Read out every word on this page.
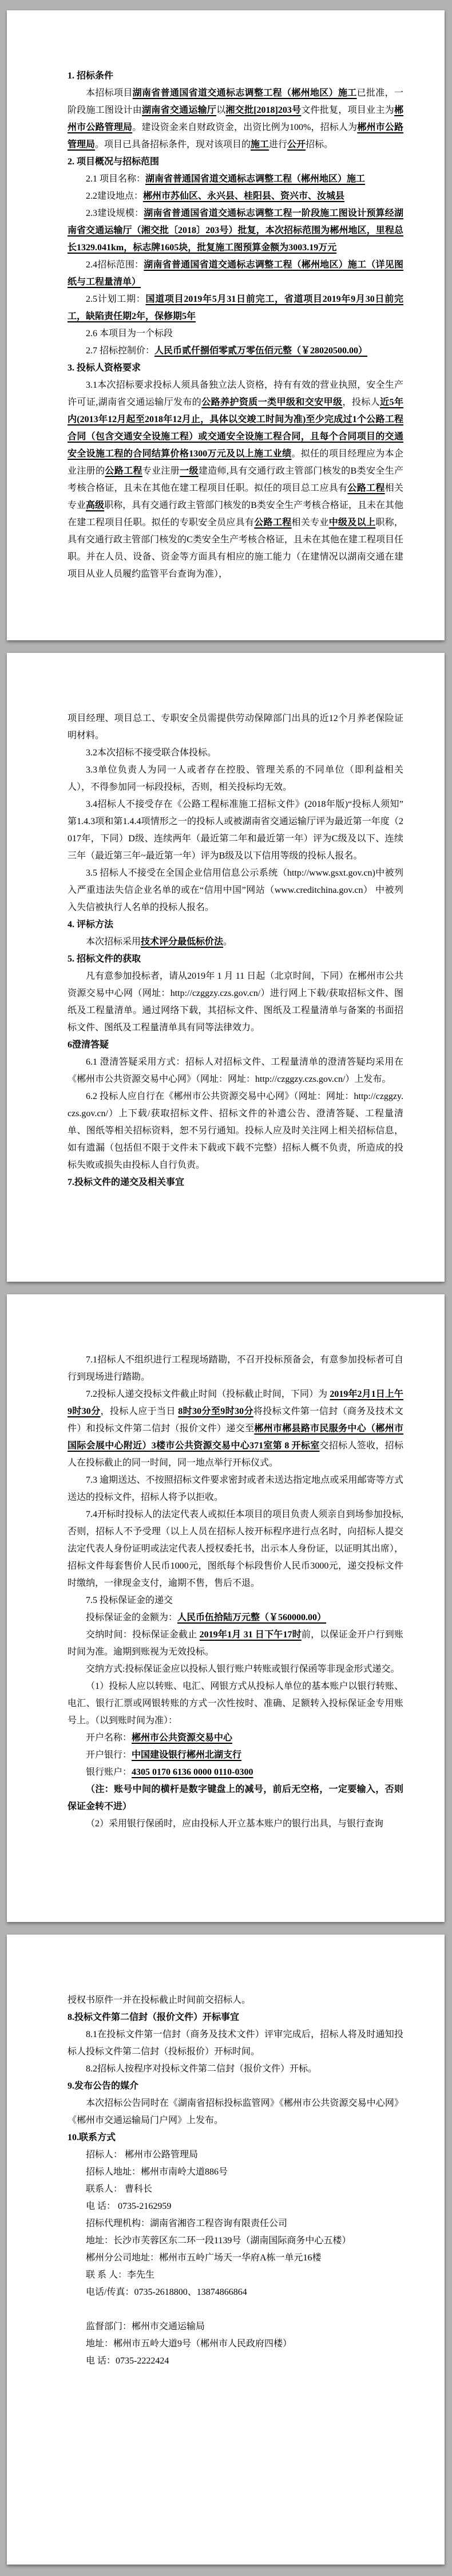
1. 招标条件

本招标项目湖南省普通国省道交通标志调整工程（郴州地区）施工已批准，一阶段施工图设计由湖南省交通运输厅以湘交批[2018]203号文件批复，项目业主为郴州市公路管理局。建设资金来自财政资金，出资比例为100%，招标人为郴州市公路管理局。项目已具备招标条件，现对该项目的施工进行公开招标。

2. 项目概况与招标范围

2.1 项目名称：湖南省普通国省道交通标志调整工程（郴州地区）施工

2.2建设地点：郴州市苏仙区、永兴县、桂阳县、资兴市、汝城县

2.3建设规模：湖南省普通国省道交通标志调整工程一阶段施工图设计预算经湖南省交通运输厅（湘交批〔2018〕203号）批复，本次招标范围为郴州地区，里程总长1329.041km，标志牌1605块，批复施工图预算金额为3003.19万元

2.4招标范围：湖南省普通国省道交通标志调整工程（郴州地区）施工（详见图纸与工程量清单）

2.5计划工期：国道项目2019年5月31日前完工，省道项目2019年9月30日前完工，缺陷责任期2年，保修期5年

2.6 本项目为一个标段

2.7 招标控制价：人民币贰仟捌佰零贰万零伍佰元整（￥28020500.00）

3. 投标人资格要求

3.1本次招标要求投标人须具备独立法人资格，持有有效的营业执照，安全生产许可证,湖南省交通运输厅发布的公路养护资质一类甲级和交安甲级，投标人近5年内(2013年12月起至2018年12月止，具体以交竣工时间为准)至少完成过1个公路工程合同（包含交通安全设施工程）或交通安全设施工程合同，且每个合同项目的交通安全设施工程的合同结算价格1300万元及以上施工业绩。拟任的项目经理应为本企业注册的公路工程专业注册一级建造师,具有交通行政主管部门核发的B类安全生产考核合格证，且未在其他在建工程项目任职。拟任的项目总工应具有公路工程相关专业高级职称，具有交通行政主管部门核发的B类安全生产考核合格证，且未在其他在建工程项目任职。拟任的专职安全员应具有公路工程相关专业中级及以上职称，具有交通行政主管部门核发的C类安全生产考核合格证，且未在其他在建工程项目任职。并在人员、设备、资金等方面具有相应的施工能力（在建情况以湖南交通在建项目从业人员履约监管平台查询为准），

项目经理、项目总工、专职安全员需提供劳动保障部门出具的近12个月养老保险证明材料。

3.2本次招标不接受联合体投标。

3.3单位负责人为同一人或者存在控股、管理关系的不同单位（即利益相关人），不得参加同一标段投标，否则，相关投标均无效。

3.4招标人不接受存在《公路工程标准施工招标文件》(2018年版)“投标人须知”第1.4.3项和第1.4.4项情形之一的投标人或被湖南省交通运输厅评为最近第一年度（2017年，下同）D级、连续两年（最近第二年和最近第一年）评为C级及以下、连续三年（最近第三年~最近第一年）评为B级及以下信用等级的投标人报名。

3.5 招标人不接受在全国企业信用信息公示系统（http://www.gsxt.gov.cn)中被列入严重违法失信企业名单的或在“信用中国”网站（www.creditchina.gov.cn） 中被列入失信被执行人名单的投标人报名。

4. 评标方法

本次招标采用技术评分最低标价法。

5. 招标文件的获取

凡有意参加投标者，请从2019年 1 月 11 日起（北京时间，下同）在郴州市公共资源交易中心网（网址：http://czggzy.czs.gov.cn/）进行网上下载/获取招标文件、图纸及工程量清单。通过网络下载，其招标文件、图纸及工程量清单与备案的书面招标文件、图纸及工程量清单具有同等法律效力。

6澄清答疑

6.1 澄清答疑采用方式：招标人对招标文件、工程量清单的澄清答疑均采用在《郴州市公共资源交易中心网》（网址：网址：http://czggzy.czs.gov.cn/）上发布。

6.2 投标人应自行在《郴州市公共资源交易中心网》（网址：网址：http://czggzy.czs.gov.cn/）上下载/获取招标文件、招标文件的补遗公告、澄清答疑、工程量清单、图纸等相关招标资料，恕不另行通知。投标人应及时关注网上相关招标信息，如有遗漏（包括但不限于文件未下载或下载不完整）招标人概不负责，所造成的投标失败或损失由投标人自行负责。

7.投标文件的递交及相关事宜

7.1招标人不组织进行工程现场踏勘，不召开投标预备会，有意参加投标者可自行到现场进行踏勘。

7.2投标人递交投标文件截止时间（投标截止时间，下同）为 2019年2月1日上午9时30分，投标人应于当日 8时30分至9时30分将投标文件第一信封（商务及技术文件）和投标文件第二信封（报价文件）递交至郴州市郴县路市民服务中心（郴州市国际会展中心附近）3楼市公共资源交易中心371室第 8 开标室交招标人签收，招标人在投标截止的同一时间，同一地点举行开标仪式。

7.3 逾期送达、不按照招标文件要求密封或者未送达指定地点或采用邮寄等方式送达的投标文件，招标人将予以拒收。

7.4开标时投标人的法定代表人或拟任本项目的项目负责人须亲自到场参加投标,否则，招标人不予受理（以上人员在招标人按开标程序进行点名时，向招标人提交法定代表人身份证明或法定代表人授权委托书，出示本人身份证，以证明其出席），招标文件每套售价人民币1000元，图纸每个标段售价人民币3000元，递交投标文件时缴纳，一律现金支付，逾期不售，售后不退。

7.5 投标保证金的递交

投标保证金的金额为：人民币伍拾陆万元整（￥560000.00）

交纳时间：投标保证金截止 2019年1月 31 日下午17时前，以保证金开户行到账时间为准。逾期到账视为无效投标。

交纳方式:投标保证金应以投标人银行账户转账或银行保函等非现金形式递交。

（1）投标人应以转账、电汇、网银方式从投标人单位的基本账户以银行转账、电汇、银行汇票或网银转账的方式一次性按时、准确、足额转入投标保证金专用账号上。（以到账时间为准）：

开户名称：郴州市公共资源交易中心

开户银行：中国建设银行郴州北湖支行

银行账户：4305 0170 6136 0000 0110-0300

（注：账号中间的横杆是数字键盘上的减号，前后无空格，一定要输入，否则保证金转不进）

（2）采用银行保函时，应由投标人开立基本账户的银行出具，与银行查询

授权书原件一并在投标截止时间前交招标人。

8.投标文件第二信封（报价文件）开标事宜

8.1在投标文件第一信封（商务及技术文件）评审完成后，招标人将及时通知投标人投标文件第二信封（投标报价）开标时间。

8.2招标人按程序对投标文件第二信封（报价文件）开标。

9.发布公告的媒介

本次招标公告同时在《湖南省招标投标监管网》《郴州市公共资源交易中心网》《郴州市交通运输局门户网》上发布。

10.联系方式

招标人： 郴州市公路管理局

招标人地址：郴州市南岭大道886号

联系人： 曹科长

电 话： 0735-2162959

招标代理机构：湖南省湘咨工程咨询有限责任公司

地址：长沙市芙蓉区东二环一段1139号（湖南国际商务中心五楼）

郴州分公司地址：郴州市五岭广场天一华府A栋一单元16楼

联 系 人：李先生

电话/传真：0735-2618800、13874866864

监督部门：郴州市交通运输局

地址：郴州市五岭大道9号（郴州市人民政府四楼）

电 话：0735-2222424
